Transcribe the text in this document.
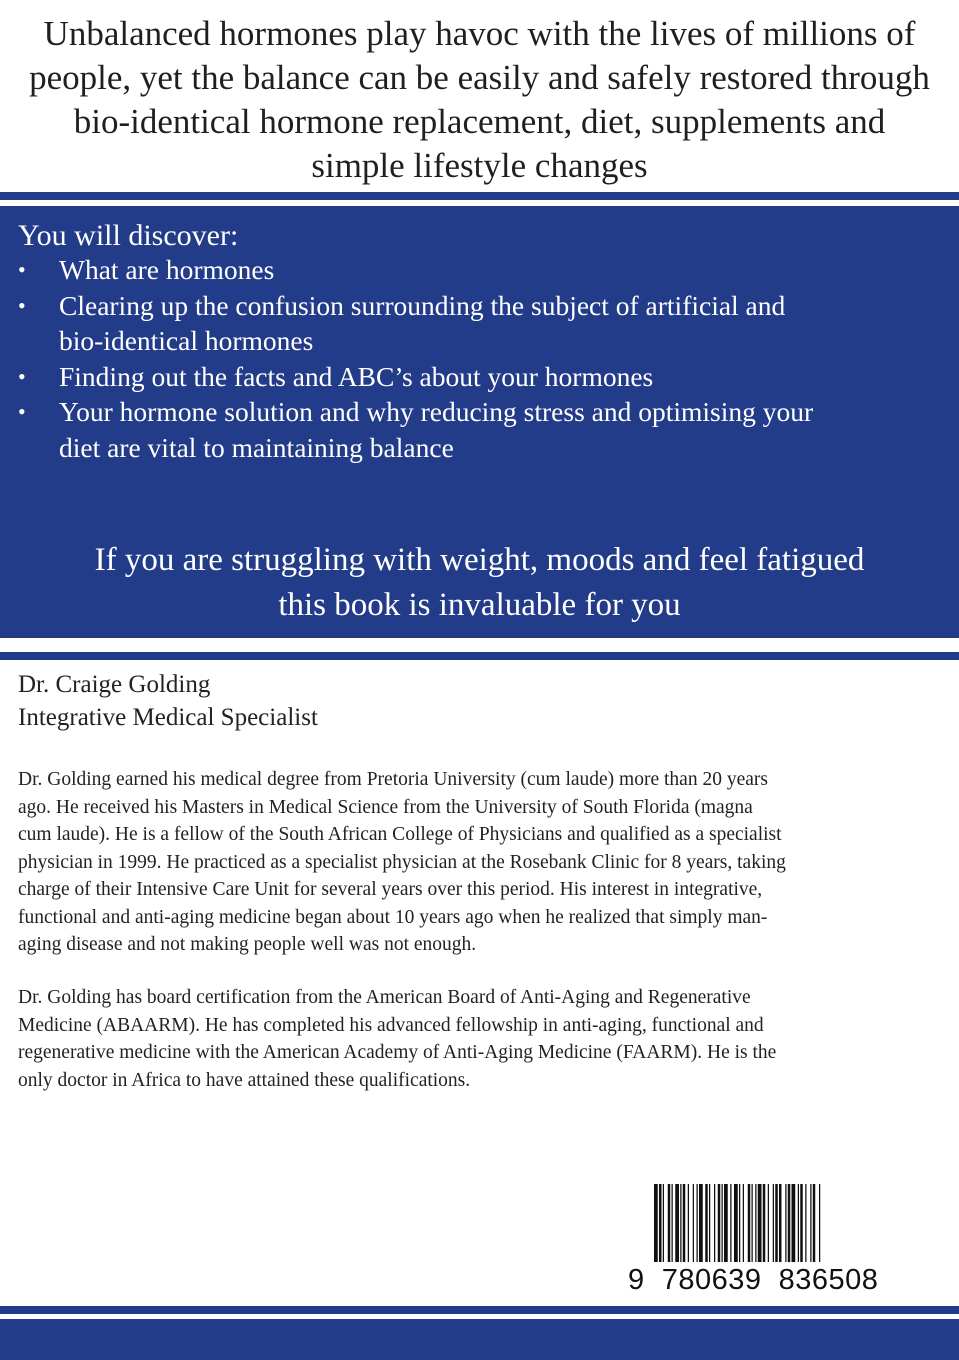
Unbalanced hormones play havoc with the lives of millions of
people, yet the balance can be easily and safely restored through
bio-identical hormone replacement, diet, supplements and
simple lifestyle changes
You will discover:
• What are hormones
• Clearing up the confusion surrounding the subject of artificial and
bio-identical hormones
• Finding out the facts and ABC’s about your hormones
• Your hormone solution and why reducing stress and optimising your
diet are vital to maintaining balance
If you are struggling with weight, moods and feel fatigued
this book is invaluable for you
Dr. Craige Golding
Integrative Medical Specialist
Dr. Golding earned his medical degree from Pretoria University (cum laude) more than 20 years
ago. He received his Masters in Medical Science from the University of South Florida (magna
cum laude). He is a fellow of the South African College of Physicians and qualified as a specialist
physician in 1999. He practiced as a specialist physician at the Rosebank Clinic for 8 years, taking
charge of their Intensive Care Unit for several years over this period. His interest in integrative,
functional and anti-aging medicine began about 10 years ago when he realized that simply man-
aging disease and not making people well was not enough.
Dr. Golding has board certification from the American Board of Anti-Aging and Regenerative
Medicine (ABAARM). He has completed his advanced fellowship in anti-aging, functional and
regenerative medicine with the American Academy of Anti-Aging Medicine (FAARM). He is the
only doctor in Africa to have attained these qualifications.
9  780639  836508
